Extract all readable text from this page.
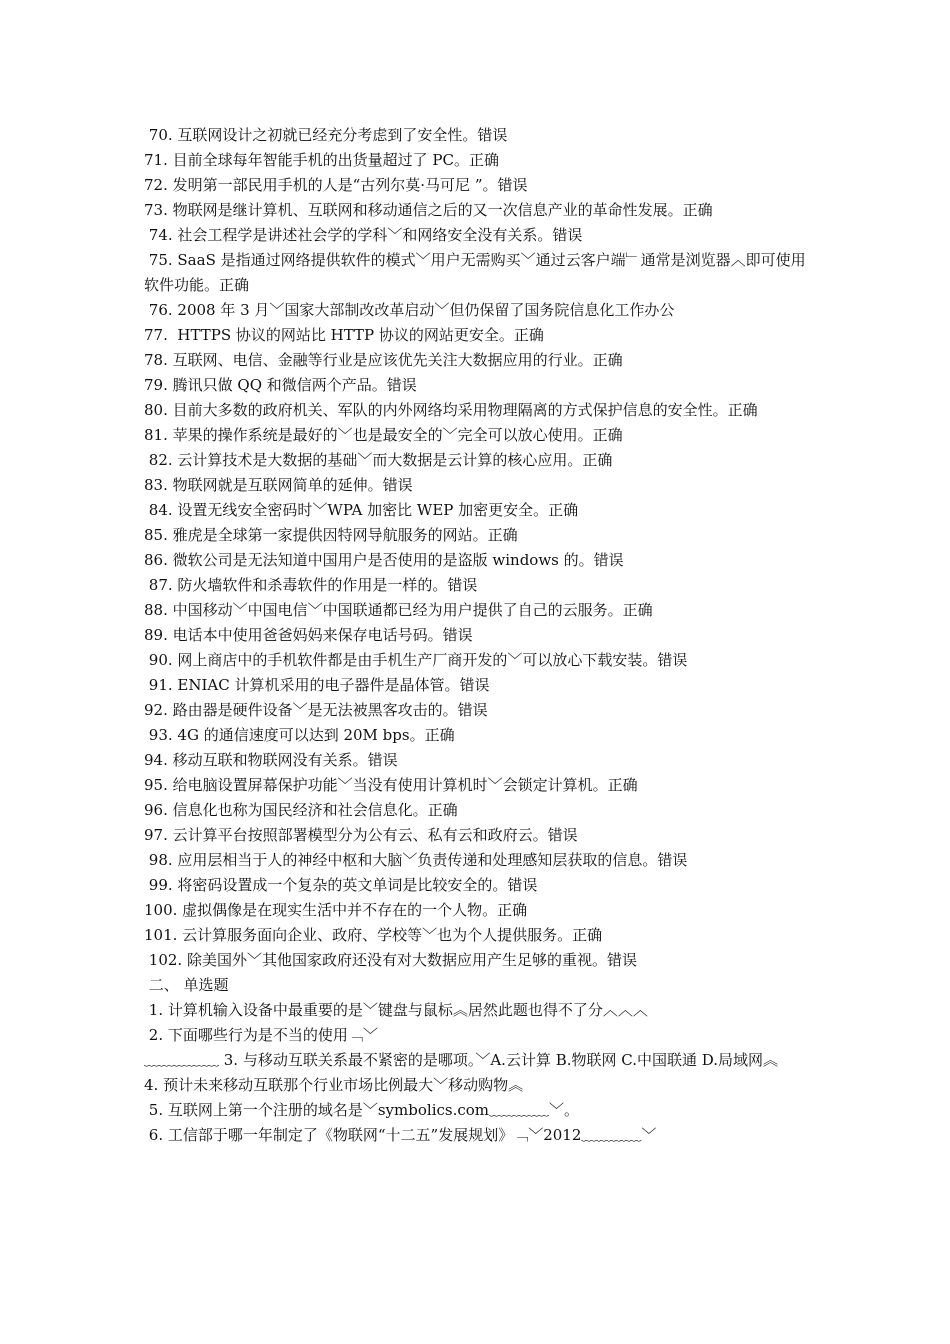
70. 互联网设计之初就已经充分考虑到了安全性。错误
71. 目前全球每年智能手机的出货量超过了 PC。正确
72. 发明第一部民用手机的人是“古列尔莫·马可尼 ”。错误
73. 物联网是继计算机、互联网和移动通信之后的又一次信息产业的革命性发展。正确
74. 社会工程学是讲述社会学的学科﹀和网络安全没有关系。错误
75. SaaS 是指通过网络提供软件的模式﹀用户无需购买﹀通过云客户端﹂通常是浏览器︿即可使用软件功能。正确
76. 2008 年 3 月﹀国家大部制改改革启动﹀但仍保留了国务院信息化工作办公
77.  HTTPS 协议的网站比 HTTP 协议的网站更安全。正确
78. 互联网、电信、金融等行业是应该优先关注大数据应用的行业。正确
79. 腾讯只做 QQ 和微信两个产品。错误
80. 目前大多数的政府机关、军队的内外网络均采用物理隔离的方式保护信息的安全性。正确
81. 苹果的操作系统是最好的﹀也是最安全的﹀完全可以放心使用。正确
82. 云计算技术是大数据的基础﹀而大数据是云计算的核心应用。正确
83. 物联网就是互联网简单的延伸。错误
84. 设置无线安全密码时﹀WPA 加密比 WEP 加密更安全。正确
85. 雅虎是全球第一家提供因特网导航服务的网站。正确
86. 微软公司是无法知道中国用户是否使用的是盗版 windows 的。错误
87. 防火墙软件和杀毒软件的作用是一样的。错误
88. 中国移动﹀中国电信﹀中国联通都已经为用户提供了自己的云服务。正确
89. 电话本中使用爸爸妈妈来保存电话号码。错误
90. 网上商店中的手机软件都是由手机生产厂商开发的﹀可以放心下载安装。错误
91. ENIAC 计算机采用的电子器件是晶体管。错误
92. 路由器是硬件设备﹀是无法被黑客攻击的。错误
93. 4G 的通信速度可以达到 20M bps。正确
94. 移动互联和物联网没有关系。错误
95. 给电脑设置屏幕保护功能﹀当没有使用计算机时﹀会锁定计算机。正确
96. 信息化也称为国民经济和社会信息化。正确
97. 云计算平台按照部署模型分为公有云、私有云和政府云。错误
98. 应用层相当于人的神经中枢和大脑﹀负责传递和处理感知层获取的信息。错误
99. 将密码设置成一个复杂的英文单词是比较安全的。错误
100. 虚拟偶像是在现实生活中并不存在的一个人物。正确
101. 云计算服务面向企业、政府、学校等﹀也为个人提供服务。正确
102. 除美国外﹀其他国家政府还没有对大数据应用产生足够的重视。错误
二、 单选题
1. 计算机输入设备中最重要的是﹀键盘与鼠标︽居然此题也得不了分︿︿︿
2. 下面哪些行为是不当的使用﹁﹀
﹏﹏﹏﹏﹏ 3. 与移动互联关系最不紧密的是哪项。﹀A.云计算 B.物联网 C.中国联通 D.局域网︽
4. 预计未来移动互联那个行业市场比例最大﹀移动购物︽
5. 互联网上第一个注册的域名是﹀symbolics.com﹏﹏﹏﹏﹀。
6. 工信部于哪一年制定了《物联网“十二五”发展规划》﹁﹀2012﹏﹏﹏﹏﹀
